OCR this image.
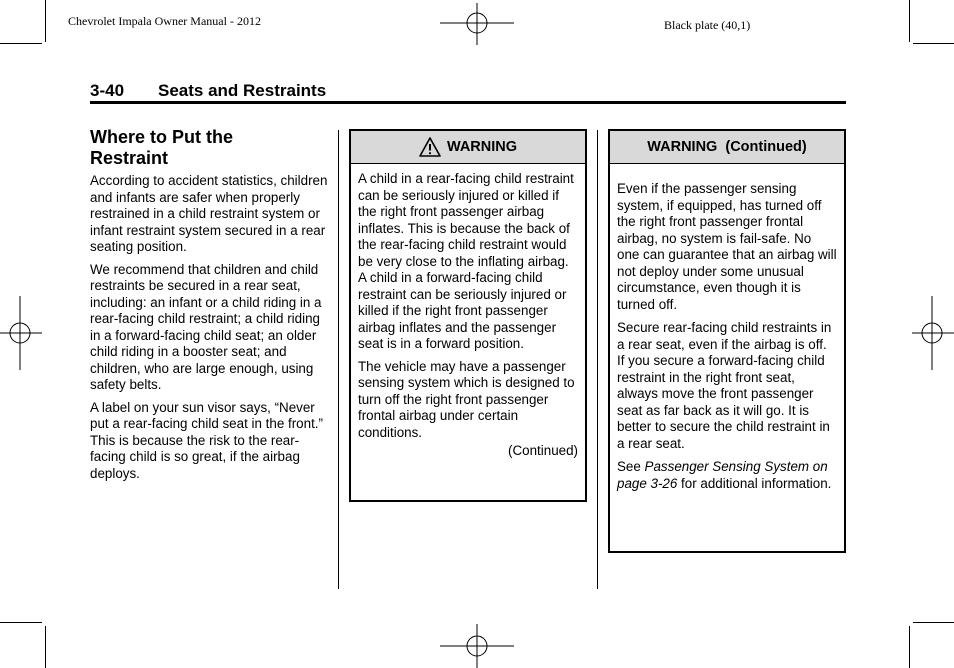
Chevrolet Impala Owner Manual - 2012	Black plate (40,1)
3-40 Seats and Restraints
Where to Put the
Restraint

According to accident statistics, children and infants are safer when properly restrained in a child restraint system or infant restraint system secured in a rear seating position.

We recommend that children and child restraints be secured in a rear seat, including: an infant or a child riding in a rear-facing child restraint; a child riding in a forward-facing child seat; an older child riding in a booster seat; and children, who are large enough, using safety belts.

A label on your sun visor says, “Never put a rear-facing child seat in the front.” This is because the risk to the rear-facing child is so great, if the airbag deploys.

WARNING

A child in a rear-facing child restraint can be seriously injured or killed if the right front passenger airbag inflates. This is because the back of the rear-facing child restraint would be very close to the inflating airbag. A child in a forward-facing child restraint can be seriously injured or killed if the right front passenger airbag inflates and the passenger seat is in a forward position.

The vehicle may have a passenger sensing system which is designed to turn off the right front passenger frontal airbag under certain conditions.

(Continued)
WARNING  (Continued)

Even if the passenger sensing system, if equipped, has turned off the right front passenger frontal airbag, no system is fail-safe. No one can guarantee that an airbag will not deploy under some unusual circumstance, even though it is turned off.

Secure rear-facing child restraints in a rear seat, even if the airbag is off. If you secure a forward-facing child restraint in the right front seat, always move the front passenger seat as far back as it will go. It is better to secure the child restraint in a rear seat.

See Passenger Sensing System on page 3-26 for additional information.
